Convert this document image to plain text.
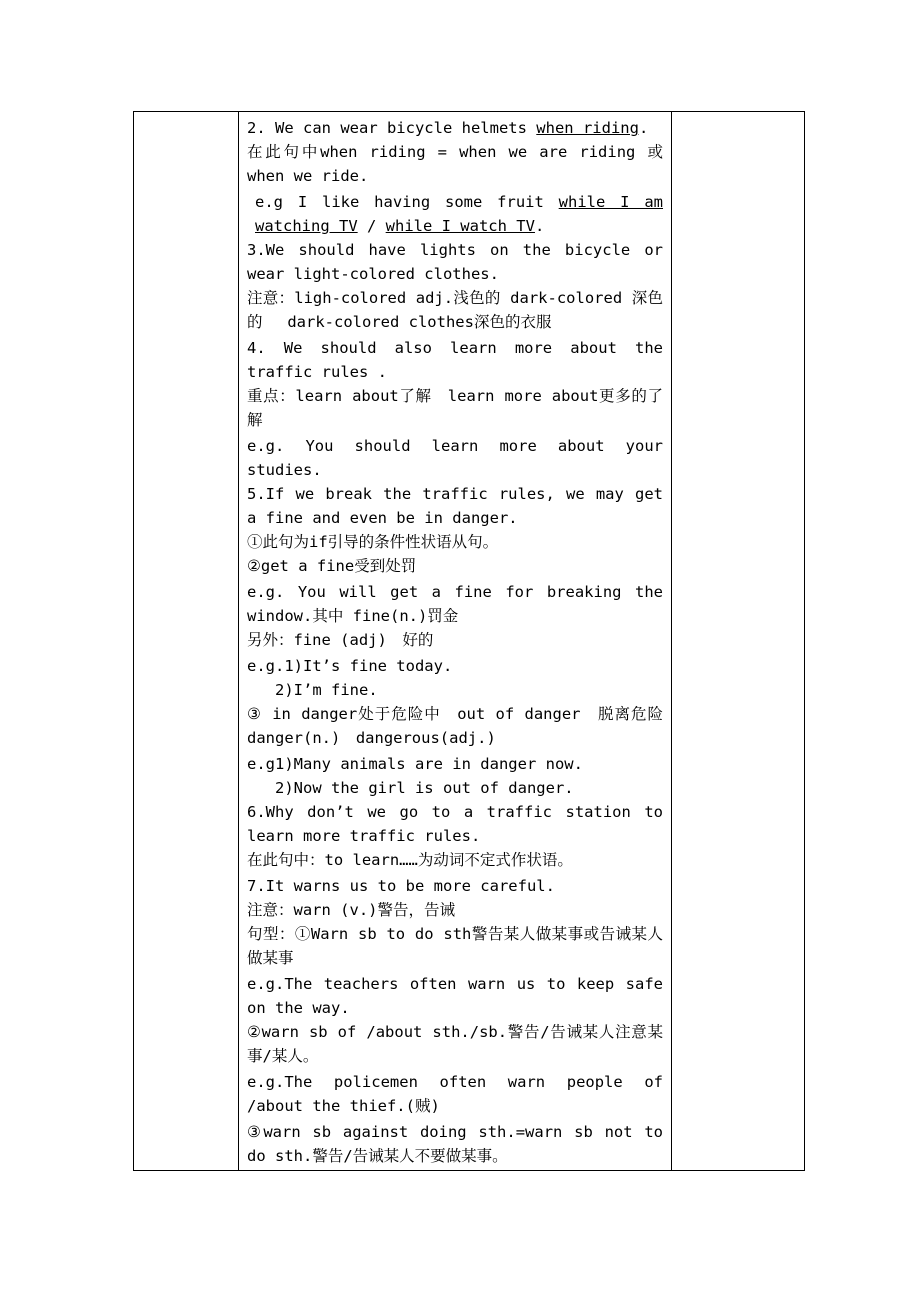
2. We can wear bicycle helmets when riding.
在此句中when riding = when we are riding 或when we ride.
e.g I like having some fruit while I am watching TV / while I watch TV.
3.We should have lights on the bicycle or wear light-colored clothes.
注意：ligh-colored adj.浅色的 dark-colored 深色的　 dark-colored clothes深色的衣服
4. We should also learn more about the traffic rules .
重点：learn about了解　learn more about更多的了解
e.g. You should learn more about your studies.
5.If we break the traffic rules, we may get a fine and even be in danger.
①此句为if引导的条件性状语从句。
②get a fine受到处罚
e.g. You will get a fine for breaking the window.其中 fine(n.)罚金
另外：fine (adj)　好的
e.g.1)It’s fine today.
2)I’m fine.
③ in danger处于危险中　out of danger　脱离危险　danger(n.)　dangerous(adj.)
e.g1)Many animals are in danger now.
2)Now the girl is out of danger.
6.Why don’t we go to a traffic station to learn more traffic rules.
在此句中：to learn……为动词不定式作状语。
7.It warns us to be more careful.
注意：warn (v.)警告，告诫
句型：①Warn sb to do sth警告某人做某事或告诫某人做某事
e.g.The teachers often warn us to keep safe on the way.
②warn sb of /about sth./sb.警告/告诫某人注意某事/某人。
e.g.The policemen often warn people of /about the thief.(贼)
③warn sb against doing sth.=warn sb not to do sth.警告/告诫某人不要做某事。
